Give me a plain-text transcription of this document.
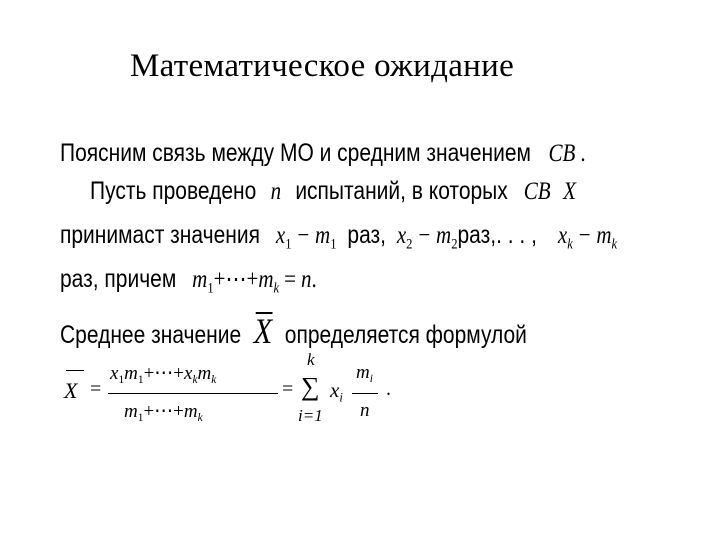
Математическое ожидание
Поясним связь между МО и средним значением СВ .
Пусть проведено n испытаний, в которых СВ X
принимаст значения $x_1 - m_1$ раз, $x_2 - m_2раз$,. . . , $x_k - m_k$
раз, причем $m_1+\cdots+m_k = n$.
Среднее значение X определяется формулой
X =
$x_1m_1+\cdots+x_km_k$
$m_1+\cdots+m_k$
=
k
∑
i=1
$x_i$
$m_i$
n
.
